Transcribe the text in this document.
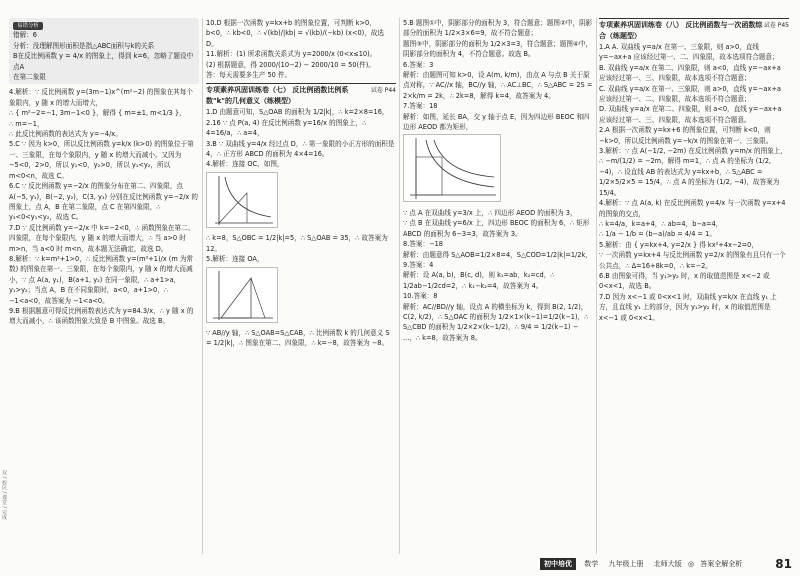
双 / 校区 / 课堂 / 完成
易错分析

错解：6

分析：没理解图形面积是指△ABC面积与k的关系

B在反比例函数 y = 4/x 的图象上，得到 k=6，忽略了题设中点A

在第二象限

4.解析：∵ 反比例函数 y=(3m−1)x^(m²−2) 的图象在其每个象限内，y 随 x 的增大而增大，

∴ { m²−2=−1, 3m−1<0 }，解得 { m=±1, m<1/3 }，

∴ m=−1，

∴ 此反比例函数的表达式为 y=−4/x。

5.C ∵ 因为 k>0，所以反比例函数 y=k/x (k>0) 的图象位于第一、三象限，在每个象限内，y 随 x 的增大而减小。又因为 −5<0，2>0，所以 y₁<0，y₂>0，所以 y₁<y₂，所以 m<0<n，故选 C。

6.C ∵ 反比例函数 y=−2/x 的图象分布在第二、四象限，点 A(−5, y₁)，B(−2, y₂)，C(3, y₃) 分别在反比例函数 y=−2/x 的图象上，点 A，B 在第二象限，点 C 在第四象限，∴ y₃<0<y₁<y₂，故选 C。

7.D ∵ 反比例函数 y=−2/x 中 k=−2<0，∴ 函数图象在第二、四象限，在每个象限内，y 随 x 的增大而增大，∴ 当 a>0 时 m>n，当 a<0 时 m<n，故本题无法确定，故选 D。

8.解析：∵ k=m²+1>0，∴ 反比例函数 y=(m²+1)/x (m 为常数) 的图象在第一、三象限，在每个象限内，y 随 x 的增大而减小，∵ 点 A(a, y₁)，B(a+1, y₂) 在同一象限，∴ a+1>a，y₁>y₂；当点 A，B 在不同象限时，a<0，a+1>0，∴ −1<a<0，故答案为 −1<a<0。

9.B 根据题意可得反比例函数表达式为 y=84.3/x，∴ y 随 x 的增大而减小，∴ 该函数图象大致是 B 中图象。故选 B。

10.D 根据一次函数 y=kx+b 的图象位置，可判断 k>0，b<0，∴ kb<0，∴ √(kb)/|kb| = √(kb)/(−kb) (x<0)，故选 D。

11.解析：(1) 所求函数关系式为 y=2000/x (0<x≤10)。

(2) 根据题意，得 2000/(10−2) − 2000/10 = 50(件)。

答：每天需要多生产 50 件。

试卷 P44
专项素养巩固训练卷（七） 反比例函数比例系数"k"的几何意义（练模型）

1.D 由题意可知，S△OAB 的面积为 1/2|k|，∴ k=2×8=16，

2.16 ∵ 点 P(a, 4) 在反比例函数 y=16/x 的图象上，∴ 4=16/a，∴ a=4，

3.B ∵ 双曲线 y=4/x 经过点 D，∴ 第一象限的小正方形的面积是 4，∴ 正方形 ABCD 的面积为 4×4=16。

4.解析：连接 OC，如图，

∴ k=8，S△OBC = 1/2|k|=5，∴ S△OAB = 35，∴ 故答案为 12。

5.解析：连接 OA，

∵ AB//y 轴，∴ S△OAB=S△CAB，∴ 比例函数 k 的几何意义 S = 1/2|k|，∴ 图象在第二、四象限，∴ k=−8，故答案为 −8。

5.B 题图①中，阴影部分的面积为 3，符合题意；题图②中，阴影部分的面积为 1/2×3×6=9，故不符合题意；

题图③中，阴影部分的面积为 1/2×3=3，符合题意；题图④中，阴影部分的面积为 4，不符合题意。故选 B。

6.答案：3

解析：由题图可知 k>0，设 A(m, k/m)，由点 A 与点 B 关于原点对称，∵ AC//x 轴，BC//y 轴，∴ AC⊥BC，∴ S△ABC = 2S = 2×k/m = 2k，∴ 2k=8，解得 k=4，故答案为 4。

7.答案：18

解析：如图，延长 BA，交 y 轴于点 E，因为四边形 BEOC 和四边形 AEOD 都为矩形，

∵ 点 A 在双曲线 y=3/x 上，∴ 四边形 AEOD 的面积为 3，

∵ 点 B 在双曲线 y=6/x 上，四边形 BEOC 的面积为 6，∴ 矩形 ABCD 的面积为 6−3=3，故答案为 3。

8.答案：−18

解析：由题意得 S△AOB=1/2×8=4，S△COD=1/2|k|=1/2k，

9.答案：4

解析：设 A(a, b)，B(c, d)，则 k₁=ab，k₂=cd，∴ 1/2ab−1/2cd=2，∴ k₁−k₂=4，故答案为 4。

10.答案：8

解析：AC//BD//y 轴，设点 A 的横坐标为 k，得到 B(2, 1/2)，C(2, k/2)，∴ S△OAC 的面积为 1/2×1×(k−1)=1/2(k−1)，∴ S△CBD 的面积为 1/2×2×(k−1/2)，∴ 9/4 = 1/2(k−1) − ...，∴ k=8，故答案为 8。

试卷 P45
专项素养巩固训练卷（八） 反比例函数与一次函数综合（练题型）

1.A A. 双曲线 y=a/x 在第一、三象限，则 a>0，直线 y=−ax+a 应该经过第一、二、四象限，故本选项符合题意；

B. 双曲线 y=a/x 在第二、四象限，则 a<0，直线 y=−ax+a 应该经过第一、三、四象限，故本选项不符合题意；

C. 双曲线 y=a/x 在第一、三象限，则 a>0，直线 y=−ax+a 应该经过第一、二、四象限，故本选项不符合题意；

D. 双曲线 y=a/x 在第二、四象限，则 a<0，直线 y=−ax+a 应该经过第一、三、四象限，故本选项不符合题意。

2.A 根据一次函数 y=kx+6 的图象位置，可判断 k<0，则 −k>0，所以反比例函数 y=−k/x 的图象在第一、三象限。

3.解析：∵ 点 A(−1/2, −2m) 在反比例函数 y=m/x 的图象上，

∴ −m/(1/2) = −2m，解得 m=1，∴ 点 A 的坐标为 (1/2, −4)，∴ 设直线 AB 的表达式为 y=kx+b，∴ S△ABC = 1/2×5/2×5 = 15/4，∴ 点 A 的坐标为 (1/2, −4)，故答案为 15/4。

4.解析：∵ 点 A(a, k) 在反比例函数 y=4/x 与一次函数 y=x+4 的图象的交点，

∴ k=4/a，k=a+4，∴ ab=4，b−a=4，

∴ 1/a − 1/b = (b−a)/ab = 4/4 = 1。

5.解析：由 { y=kx+4, y=2/x } 得 kx²+4x−2=0，

∵ 一次函数 y=kx+4 与反比例函数 y=2/x 的图象有且只有一个公共点，∴ Δ=16+8k=0，∴ k=−2。

6.B 由图象可得，当 y₁>y₂ 时，x 的取值范围是 x<−2 或 0<x<1，故选 B。

7.D 因为 x<−1 或 0<x<1 时，双曲线 y=k/x 在直线 y₁ 上方，且直线 y₁ 上的部分，因为 y₁>y₂ 时，x 的取值范围是 x<−1 或 0<x<1。

初中培优 数学 九年级上册 北师大版 ◎ 答案全解全析	81
